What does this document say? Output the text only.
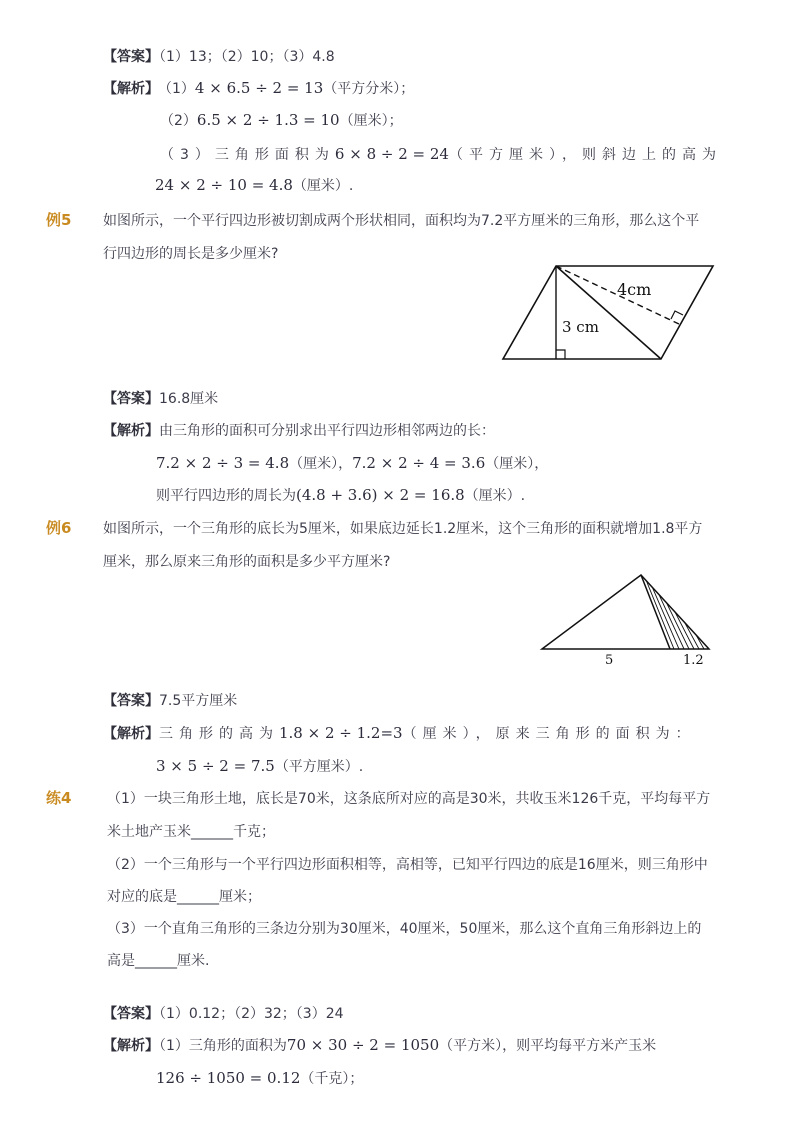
【答案】（1）13；（2）10；（3）4.8
【解析】 （1）4 × 6.5 ÷ 2 = 13（平方分米）；
（2）6.5 × 2 ÷ 1.3 = 10（厘米）；
（3）三角形面积为6 × 8 ÷ 2 = 24（平方厘米），则斜边上的高为
24 × 2 ÷ 10 = 4.8（厘米）.
例5 如图所示，一个平行四边形被切割成两个形状相同，面积均为7.2平方厘米的三角形，那么这个平
行四边形的周长是多少厘米?
4cm
3 cm
【答案】16.8厘米
【解析】由三角形的面积可分别求出平行四边形相邻两边的长：
7.2 × 2 ÷ 3 = 4.8（厘米），7.2 × 2 ÷ 4 = 3.6（厘米），
则平行四边形的周长为(4.8 + 3.6) × 2 = 16.8（厘米）.
例6 如图所示，一个三角形的底长为5厘米，如果底边延长1.2厘米，这个三角形的面积就增加1.8平方
厘米，那么原来三角形的面积是多少平方厘米?
5	1.2
【答案】7.5平方厘米
【解析】三角形的高为1.8 × 2 ÷ 1.2=3（厘米），原来三角形的面积为：
3 × 5 ÷ 2 = 7.5（平方厘米）.
练4	（1）一块三角形土地，底长是70米，这条底所对应的高是30米，共收玉米126千克，平均每平方
米土地产玉米______千克；
（2）一个三角形与一个平行四边形面积相等，高相等，已知平行四边的底是16厘米，则三角形中
对应的底是______厘米；
（3）一个直角三角形的三条边分别为30厘米，40厘米，50厘米，那么这个直角三角形斜边上的
高是______厘米.
【答案】（1）0.12；（2）32；（3）24
【解析】（1）三角形的面积为70 × 30 ÷ 2 = 1050（平方米），则平均每平方米产玉米
126 ÷ 1050 = 0.12（千克）；
